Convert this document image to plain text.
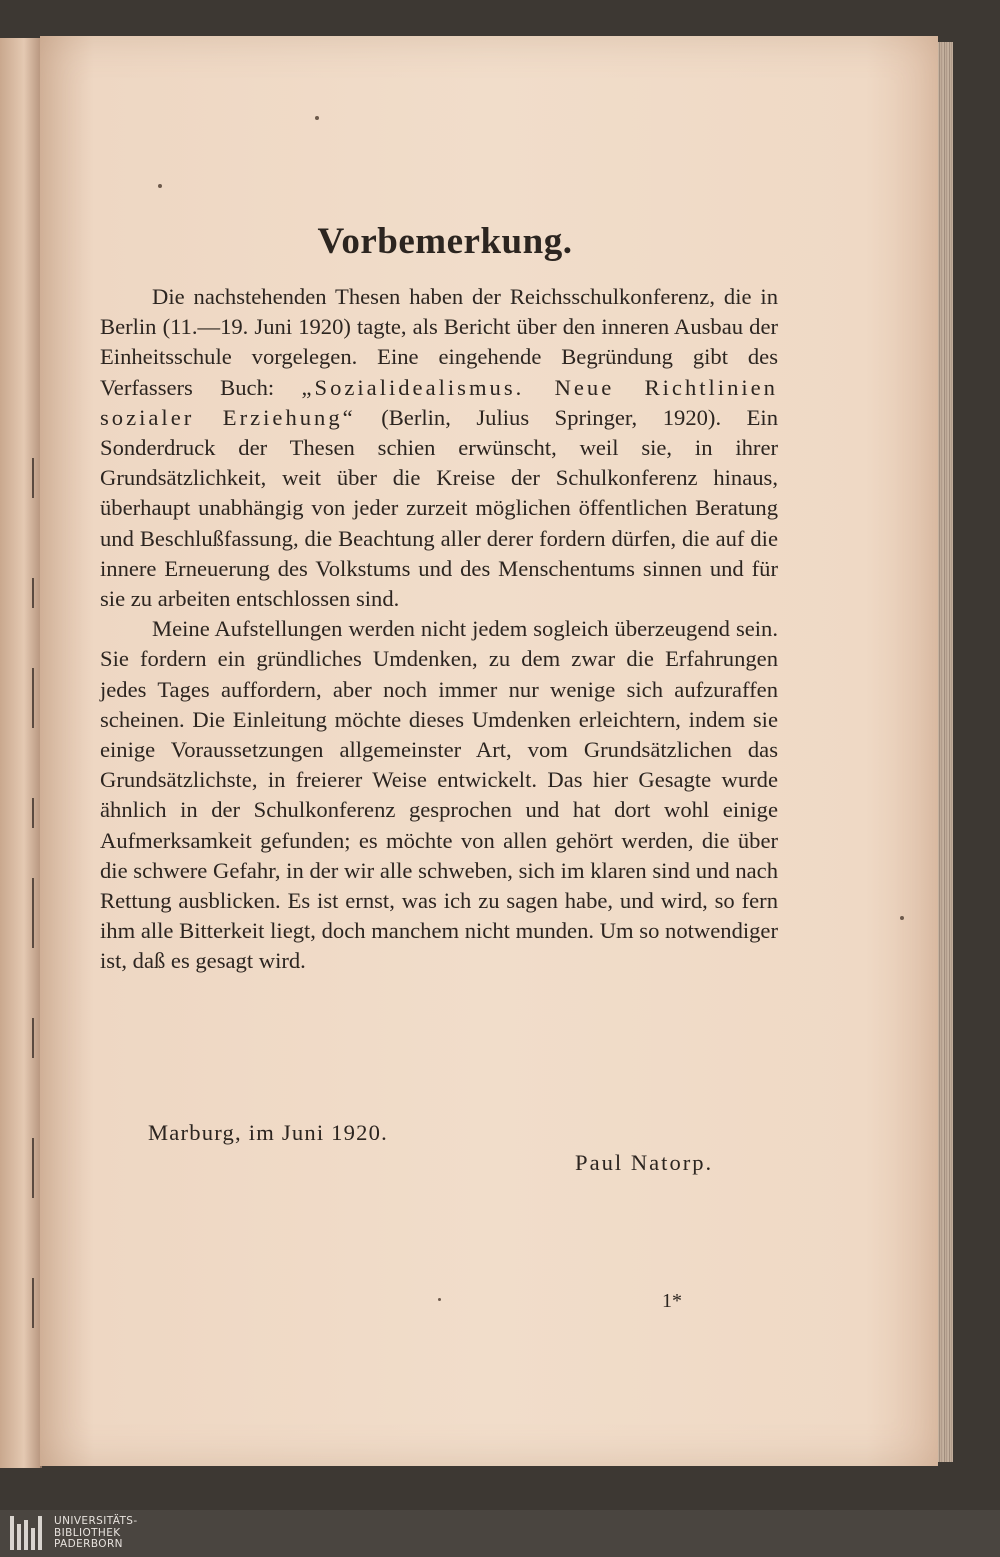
Vorbemerkung.

Die nachstehenden Thesen haben der Reichsschulkonferenz, die in Berlin (11.—19. Juni 1920) tagte, als Bericht über den inneren Ausbau der Einheitsschule vorgelegen. Eine eingehende Begründung gibt des Verfassers Buch: „Sozialidealismus. Neue Richtlinien sozialer Erziehung“ (Berlin, Julius Springer, 1920). Ein Sonderdruck der Thesen schien erwünscht, weil sie, in ihrer Grundsätzlichkeit, weit über die Kreise der Schulkonferenz hinaus, überhaupt unabhängig von jeder zurzeit möglichen öffentlichen Beratung und Beschlußfassung, die Beachtung aller derer fordern dürfen, die auf die innere Erneuerung des Volkstums und des Menschentums sinnen und für sie zu arbeiten entschlossen sind.

Meine Aufstellungen werden nicht jedem sogleich überzeugend sein. Sie fordern ein gründliches Umdenken, zu dem zwar die Erfahrungen jedes Tages auffordern, aber noch immer nur wenige sich aufzuraffen scheinen. Die Einleitung möchte dieses Umdenken erleichtern, indem sie einige Voraussetzungen allgemeinster Art, vom Grundsätzlichen das Grundsätzlichste, in freierer Weise entwickelt. Das hier Gesagte wurde ähnlich in der Schulkonferenz gesprochen und hat dort wohl einige Aufmerksamkeit gefunden; es möchte von allen gehört werden, die über die schwere Gefahr, in der wir alle schweben, sich im klaren sind und nach Rettung ausblicken. Es ist ernst, was ich zu sagen habe, und wird, so fern ihm alle Bitterkeit liegt, doch manchem nicht munden. Um so notwendiger ist, daß es gesagt wird.

Marburg, im Juni 1920.

Paul Natorp.

1*

UNIVERSITÄTS-
BIBLIOTHEK
PADERBORN
